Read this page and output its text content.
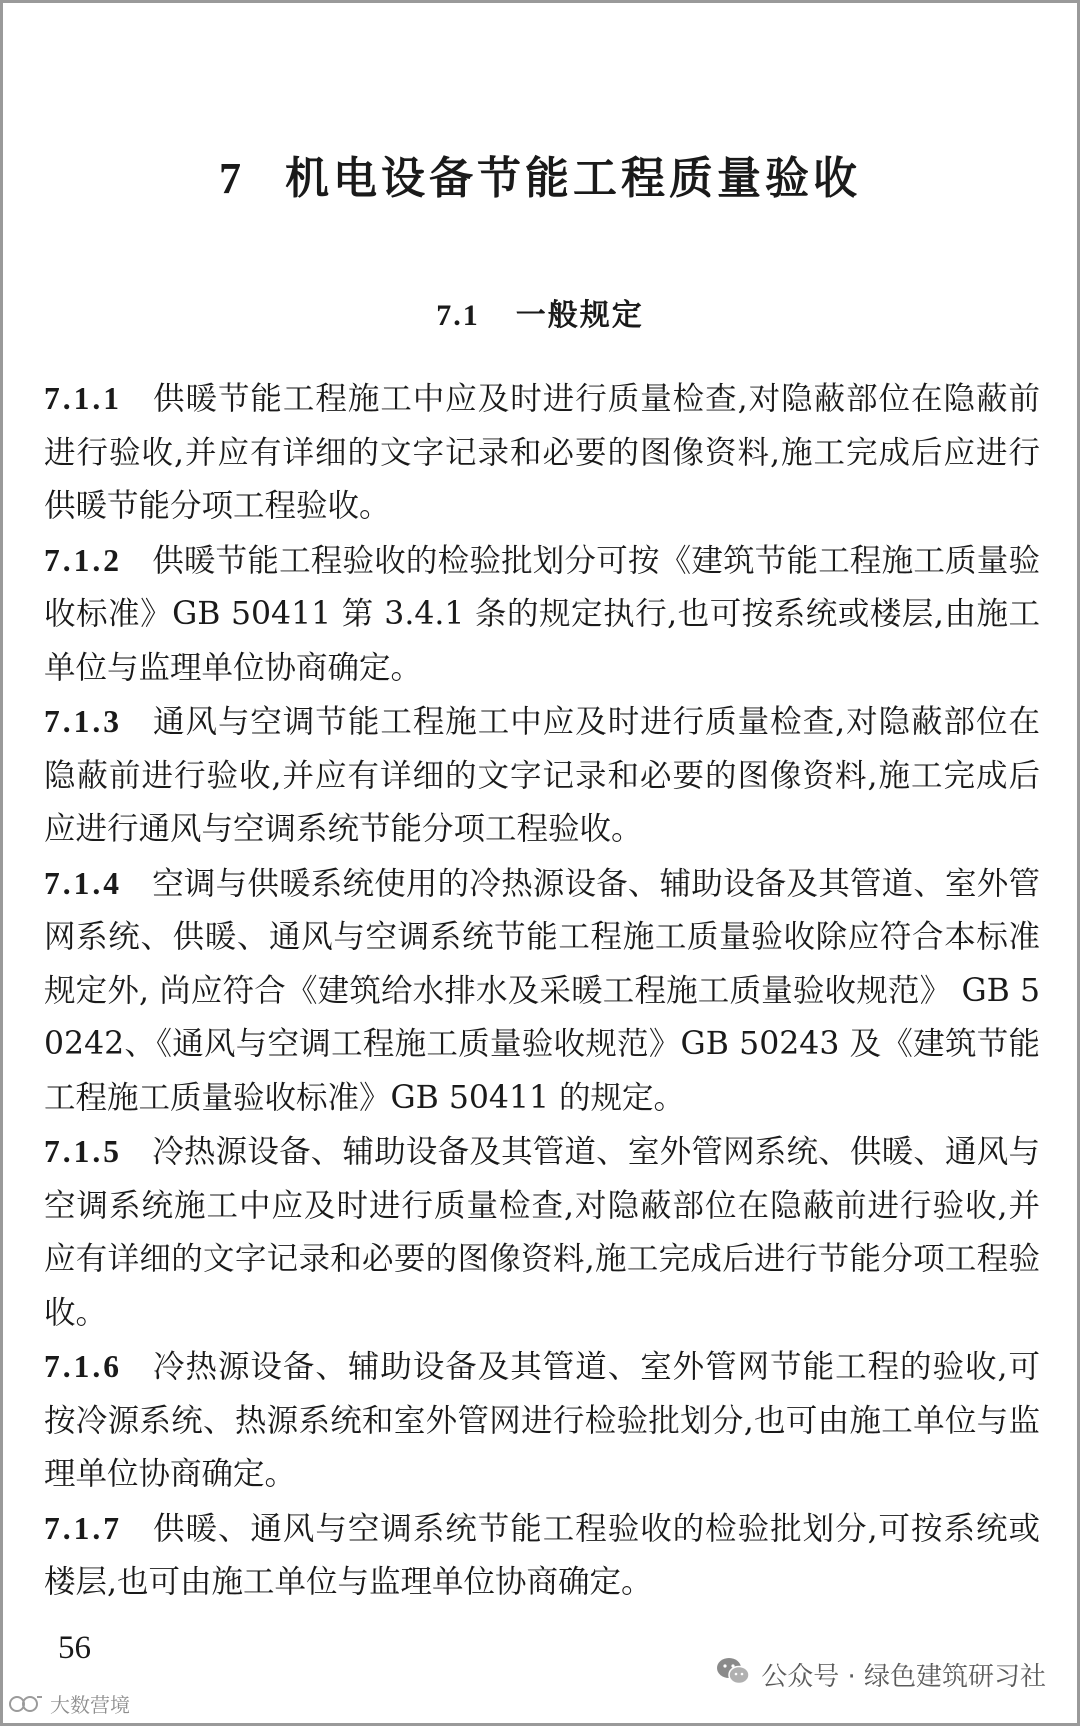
7 机电设备节能工程质量验收
7.1 一般规定

7.1.1 供暖节能工程施工中应及时进行质量检查,对隐蔽部位在隐蔽前进行验收,并应有详细的文字记录和必要的图像资料,施工完成后应进行供暖节能分项工程验收。

7.1.2 供暖节能工程验收的检验批划分可按《建筑节能工程施工质量验收标准》GB 50411 第 3.4.1 条的规定执行,也可按系统或楼层,由施工单位与监理单位协商确定。

7.1.3 通风与空调节能工程施工中应及时进行质量检查,对隐蔽部位在隐蔽前进行验收,并应有详细的文字记录和必要的图像资料,施工完成后应进行通风与空调系统节能分项工程验收。

7.1.4 空调与供暖系统使用的冷热源设备、辅助设备及其管道、室外管网系统、供暖、通风与空调系统节能工程施工质量验收除应符合本标准规定外, 尚应符合《建筑给水排水及采暖工程施工质量验收规范》 GB 50242、《通风与空调工程施工质量验收规范》GB 50243 及《建筑节能工程施工质量验收标准》GB 50411 的规定。

7.1.5 冷热源设备、辅助设备及其管道、室外管网系统、供暖、通风与空调系统施工中应及时进行质量检查,对隐蔽部位在隐蔽前进行验收,并应有详细的文字记录和必要的图像资料,施工完成后进行节能分项工程验收。

7.1.6 冷热源设备、辅助设备及其管道、室外管网节能工程的验收,可按冷源系统、热源系统和室外管网进行检验批划分,也可由施工单位与监理单位协商确定。

7.1.7 供暖、通风与空调系统节能工程验收的检验批划分,可按系统或楼层,也可由施工单位与监理单位协商确定。

56
公众号 · 绿色建筑研习社
大数营境
